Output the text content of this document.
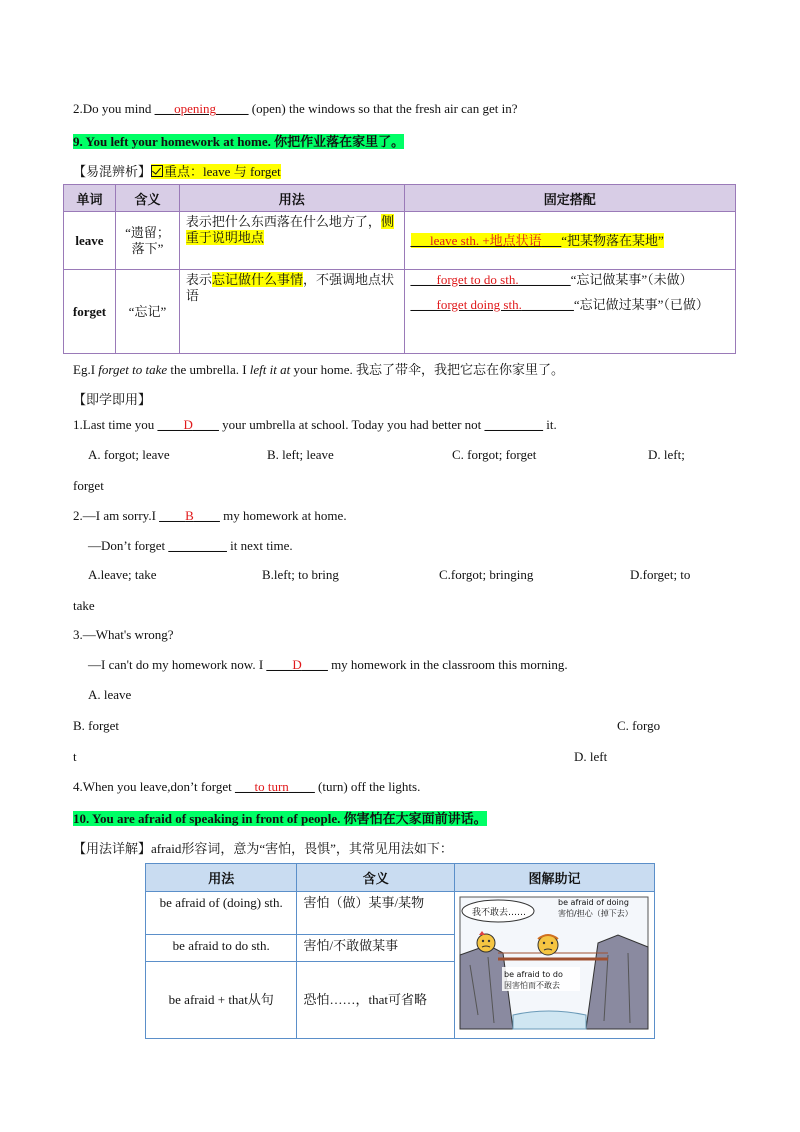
2.Do you mind ___opening_____ (open) the windows so that the fresh air can get in?
9. You left your homework at home. 你把作业落在家里了。
【易混辨析】 重点：leave 与 forget
单词	含义	用法	固定搭配
leave	“遗留；落下”	表示把什么东西落在什么地方了，侧重于说明地点	___leave sth. +地点状语___“把某物落在某地”
forget	“忘记”	表示忘记做什么事情，不强调地点状语	____forget to do sth.________“忘记做某事”（未做）
____forget doing sth.________“忘记做过某事”（已做）
Eg.I forget to take the umbrella. I left it at your home. 我忘了带伞，我把它忘在你家里了。
【即学即用】
1.Last time you ____D____ your umbrella at school. Today you had better not _________ it.
A. forgot; leave	B. left; leave	C. forgot; forget	D. left;
forget
2.—I am sorry.I ____B____ my homework at home.
—Don’t forget _________ it next time.
A.leave; take	B.left; to bring	C.forgot; bringing	D.forget; to
take
3.—What's wrong?
—I can't do my homework now. I ____D____ my homework in the classroom this morning.
A. leave
B. forget	C. forgo
t	D. left
4.When you leave,don’t forget ___to turn____ (turn) off the lights.
10. You are afraid of speaking in front of people. 你害怕在大家面前讲话。
【用法详解】afraid形容词，意为“害怕，畏惧”，其常见用法如下：
用法	含义	图解助记
be afraid of (doing) sth.	害怕（做）某事/某物	我不敢去……
be afraid of doing
害怕/担心（掉下去）
be afraid to do
因害怕而不敢去

be afraid to do sth.	害怕/不敢做某事	
be afraid + that从句	恐怕……，that可省略	
